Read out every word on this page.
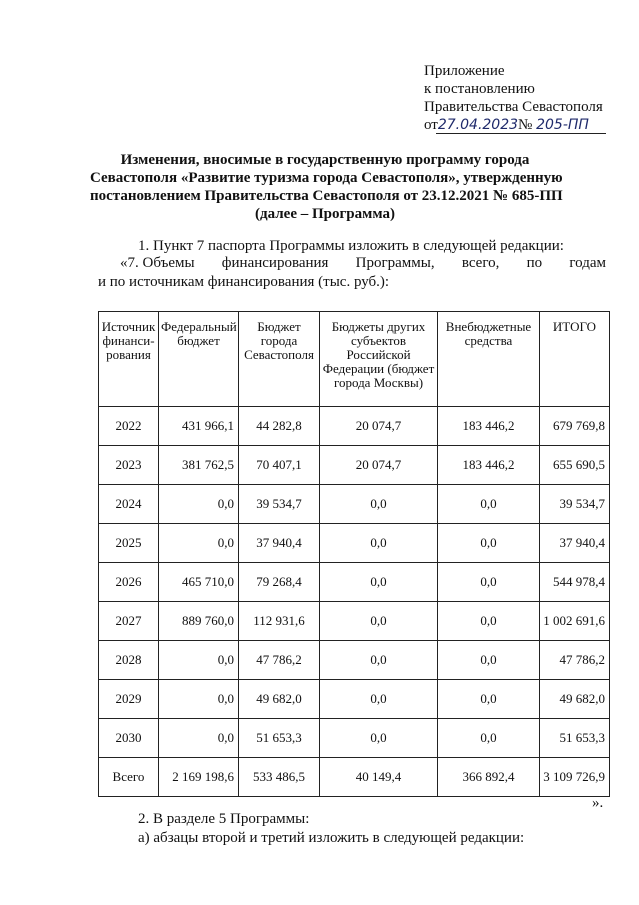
Приложение
к постановлению
Правительства Севастополя
от27.04.2023№ 205-ПП
Изменения, вносимые в государственную программу города
Севастополя «Развитие туризма города Севастополя», утвержденную
постановлением Правительства Севастополя от 23.12.2021 № 685-ПП
(далее – Программа)
1. Пункт 7 паспорта Программы изложить в следующей редакции:
«7. Объемы финансирования Программы, всего, по годам
и по источникам финансирования (тыс. руб.):
Источник финанси-рования	Федеральный бюджет	Бюджет города Севастополя	Бюджеты других субъектов Российской Федерации (бюджет города Москвы)	Внебюджетные средства	ИТОГО
2022	431 966,1	44 282,8	20 074,7	183 446,2	679 769,8
2023	381 762,5	70 407,1	20 074,7	183 446,2	655 690,5
2024	0,0	39 534,7	0,0	0,0	39 534,7
2025	0,0	37 940,4	0,0	0,0	37 940,4
2026	465 710,0	79 268,4	0,0	0,0	544 978,4
2027	889 760,0	112 931,6	0,0	0,0	1 002 691,6
2028	0,0	47 786,2	0,0	0,0	47 786,2
2029	0,0	49 682,0	0,0	0,0	49 682,0
2030	0,0	51 653,3	0,0	0,0	51 653,3
Всего	2 169 198,6	533 486,5	40 149,4	366 892,4	3 109 726,9
».
2. В разделе 5 Программы:
а) абзацы второй и третий изложить в следующей редакции:
